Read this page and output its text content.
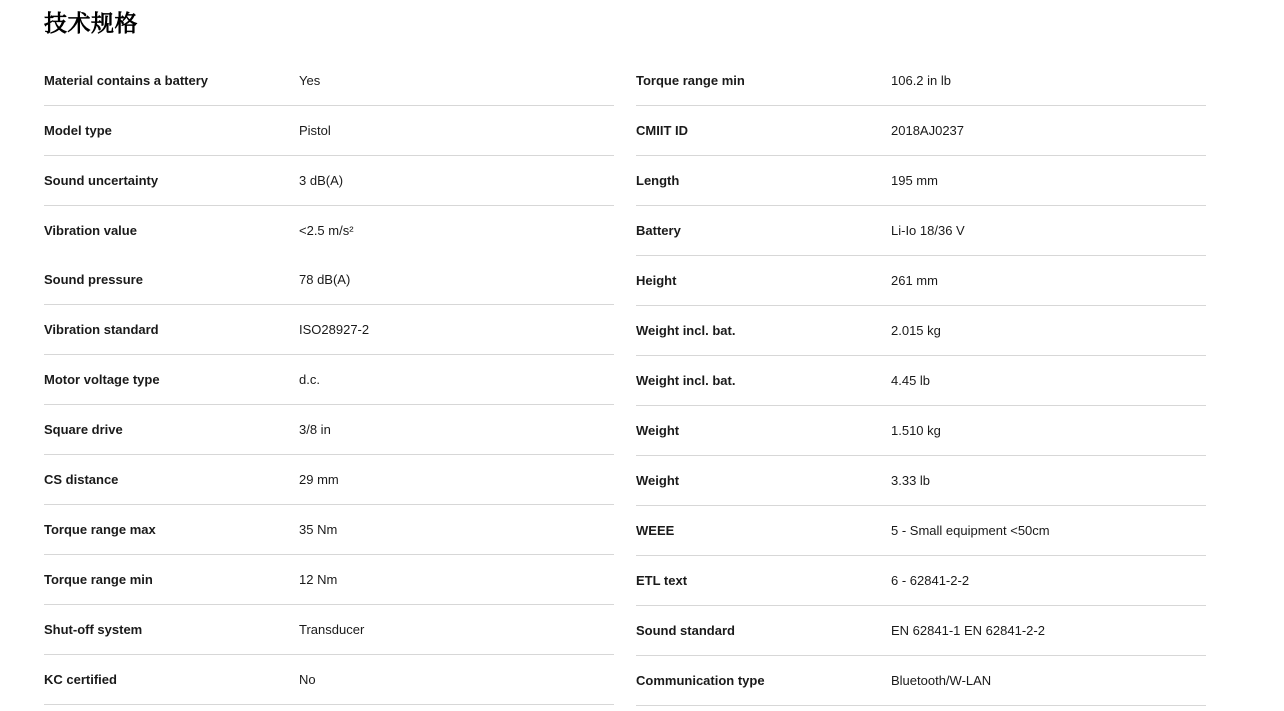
技术规格
Material contains a battery	Yes
Model type	Pistol
Sound uncertainty	3 dB(A)
Vibration value	<2.5 m/s²
Sound pressure	78 dB(A)
Vibration standard	ISO28927-2
Motor voltage type	d.c.
Square drive	3/8 in
CS distance	29 mm
Torque range max	35 Nm
Torque range min	12 Nm
Shut-off system	Transducer
KC certified	No
Torque range min	106.2 in lb
CMIIT ID	2018AJ0237
Length	195 mm
Battery	Li-Io 18/36 V
Height	261 mm
Weight incl. bat.	2.015 kg
Weight incl. bat.	4.45 lb
Weight	1.510 kg
Weight	3.33 lb
WEEE	5 - Small equipment <50cm
ETL text	6 - 62841-2-2
Sound standard	EN 62841-1 EN 62841-2-2
Communication type	Bluetooth/W-LAN
